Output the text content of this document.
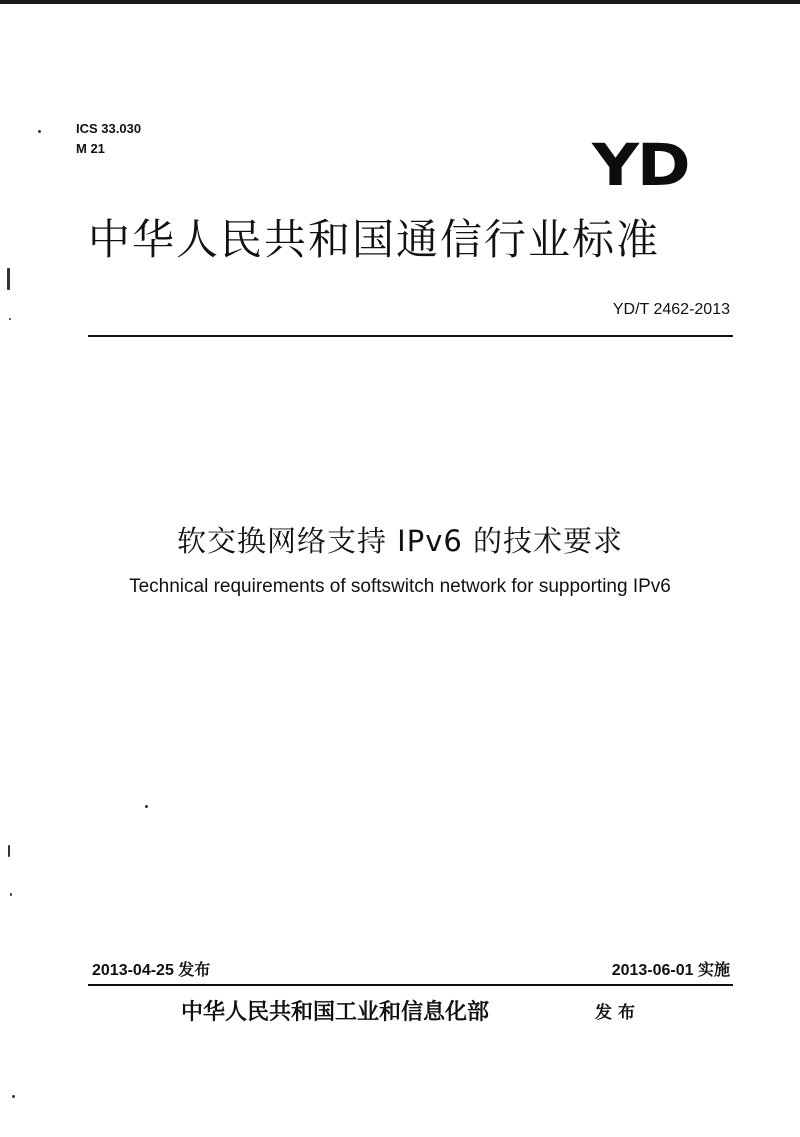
ICS 33.030
M 21	YD
中华人民共和国通信行业标准
YD/T 2462-2013
软交换网络支持 IPv6 的技术要求
Technical requirements of softswitch network for supporting IPv6
2013-04-25 发布	2013-06-01 实施
中华人民共和国工业和信息化部	发布
